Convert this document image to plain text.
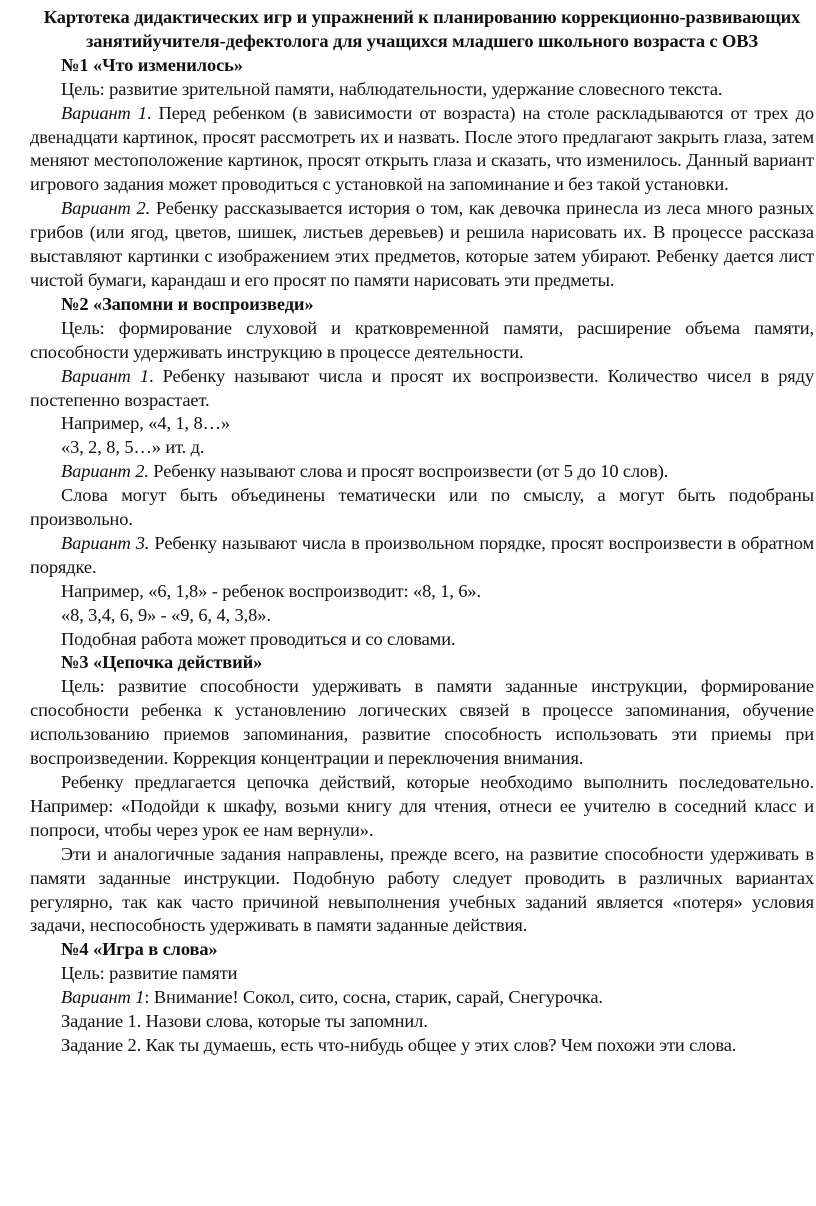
Картотека дидактических игр и упражнений к планированию коррекционно-развивающих занятийучителя-дефектолога для учащихся младшего школьного возраста с ОВЗ
№1 «Что изменилось»

Цель: развитие зрительной памяти, наблюдательности, удержание словесного текста.

Вариант 1. Перед ребенком (в зависимости от возраста) на столе раскладываются от трех до двенадцати картинок, просят рассмотреть их и назвать. После этого предлагают закрыть глаза, затем меняют местоположение картинок, просят открыть глаза и сказать, что изменилось. Данный вариант игрового задания может проводиться с установкой на запоминание и без такой установки.

Вариант 2. Ребенку рассказывается история о том, как девочка принесла из леса много разных грибов (или ягод, цветов, шишек, листьев деревьев) и решила нарисовать их. В процессе рассказа выставляют картинки с изображением этих предметов, которые затем убирают. Ребенку дается лист чистой бумаги, карандаш и его просят по памяти нарисовать эти предметы.

№2 «Запомни и воспроизведи»

Цель: формирование слуховой и кратковременной памяти, расширение объема памяти, способности удерживать инструкцию в процессе деятельности.

Вариант 1. Ребенку называют числа и просят их воспроизвести. Количество чисел в ряду постепенно возрастает.

Например, «4, 1, 8…»

«3, 2, 8, 5…» ит. д.

Вариант 2. Ребенку называют слова и просят воспроизвести (от 5 до 10 слов).

Слова могут быть объединены тематически или по смыслу, а могут быть подобраны произвольно.

Вариант 3. Ребенку называют числа в произвольном порядке, просят воспроизвести в обратном порядке.

Например, «6, 1,8» - ребенок воспроизводит: «8, 1, 6».

«8, 3,4, 6, 9» - «9, 6, 4, 3,8».

Подобная работа может проводиться и со словами.

№3 «Цепочка действий»

Цель: развитие способности удерживать в памяти заданные инструкции, формирование способности ребенка к установлению логических связей в процессе запоминания, обучение использованию приемов запоминания, развитие способность использовать эти приемы при воспроизведении. Коррекция концентрации и переключения внимания.

Ребенку предлагается цепочка действий, которые необходимо выполнить последовательно. Например: «Подойди к шкафу, возьми книгу для чтения, отнеси ее учителю в соседний класс и попроси, чтобы через урок ее нам вернули».

Эти и аналогичные задания направлены, прежде всего, на развитие способности удерживать в памяти заданные инструкции. Подобную работу следует проводить в различных вариантах регулярно, так как часто причиной невыполнения учебных заданий является «потеря» условия задачи, неспособность удерживать в памяти заданные действия.

№4 «Игра в слова»

Цель: развитие памяти

Вариант 1: Внимание! Сокол, сито, сосна, старик, сарай, Снегурочка.

Задание 1. Назови слова, которые ты запомнил.

Задание 2. Как ты думаешь, есть что-нибудь общее у этих слов? Чем похожи эти слова.
